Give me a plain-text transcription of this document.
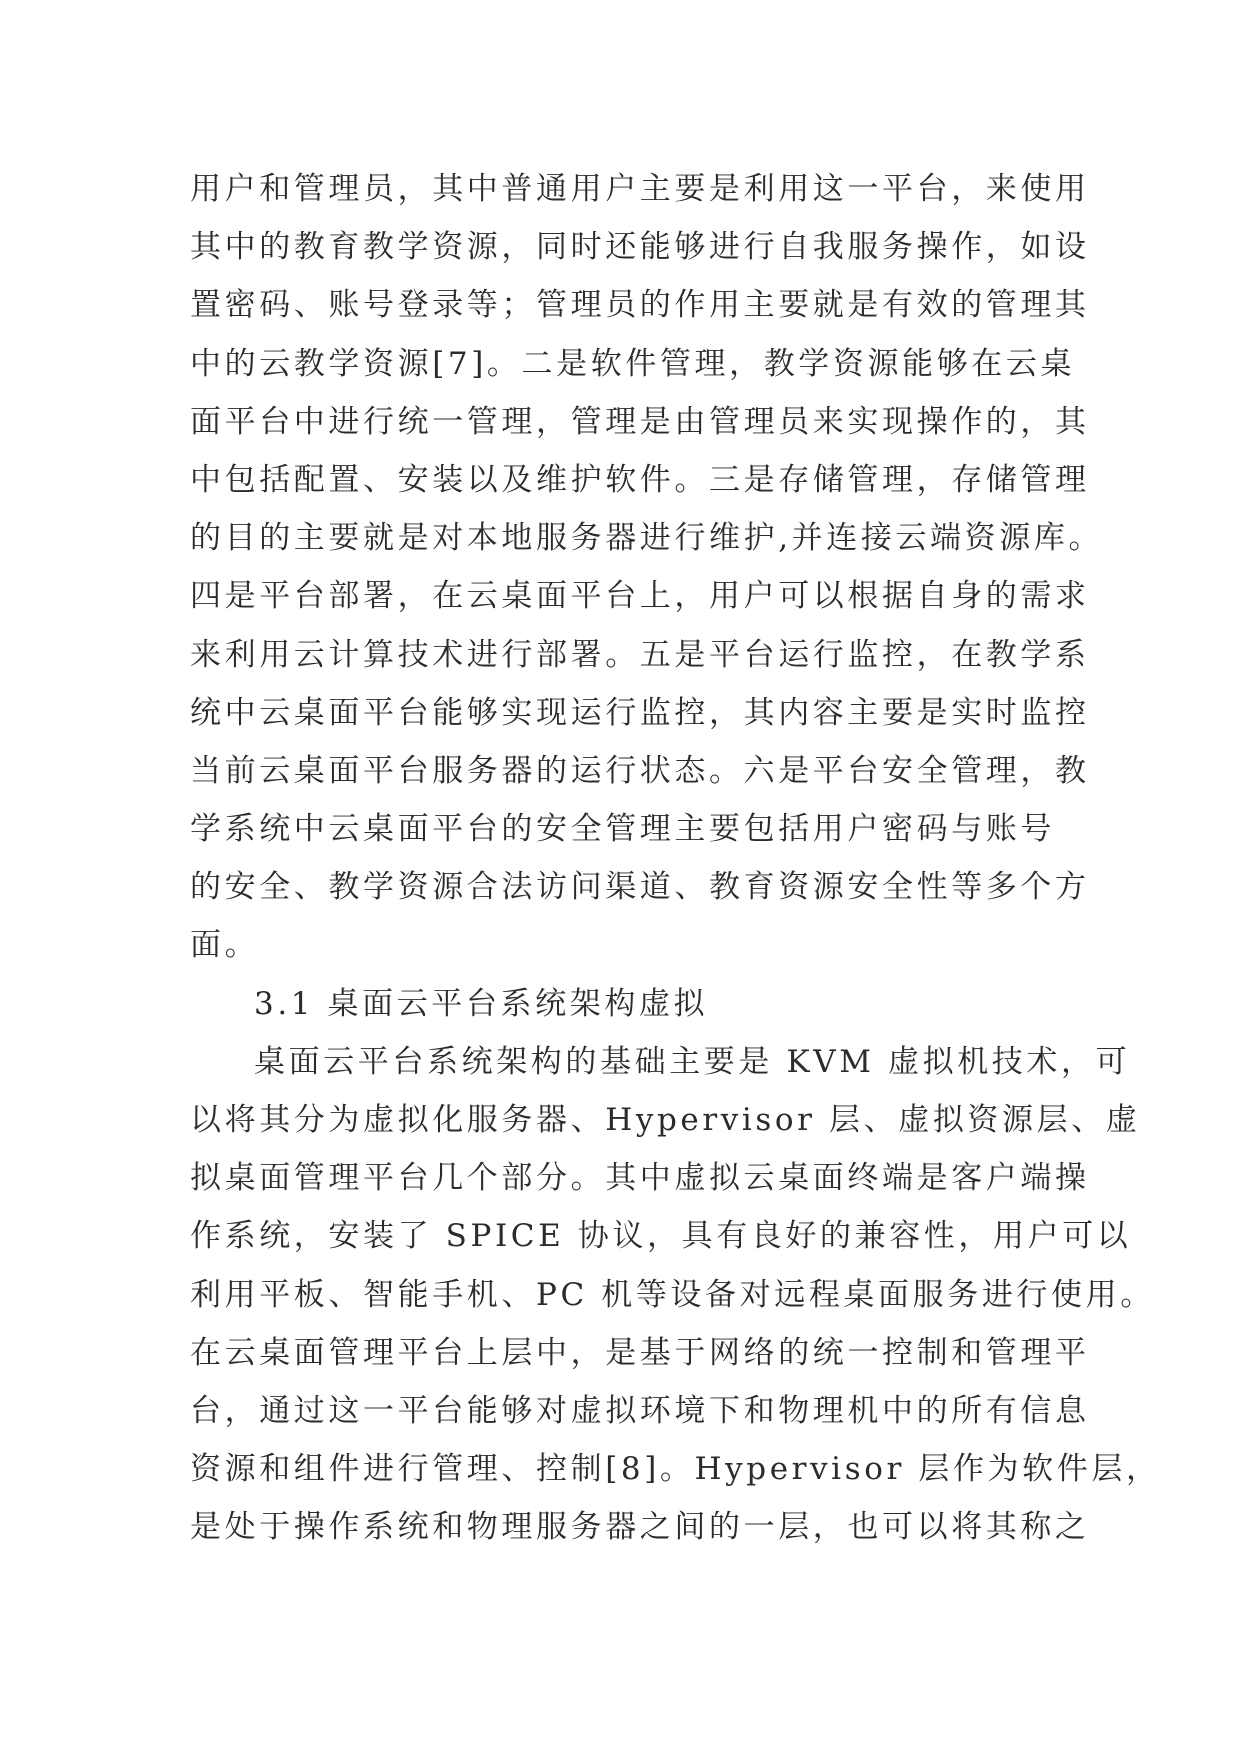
用户和管理员，其中普通用户主要是利用这一平台，来使用
其中的教育教学资源，同时还能够进行自我服务操作，如设
置密码、账号登录等；管理员的作用主要就是有效的管理其
中的云教学资源[7]。二是软件管理，教学资源能够在云桌
面平台中进行统一管理，管理是由管理员来实现操作的，其
中包括配置、安装以及维护软件。三是存储管理，存储管理
的目的主要就是对本地服务器进行维护,并连接云端资源库。
四是平台部署，在云桌面平台上，用户可以根据自身的需求
来利用云计算技术进行部署。五是平台运行监控，在教学系
统中云桌面平台能够实现运行监控，其内容主要是实时监控
当前云桌面平台服务器的运行状态。六是平台安全管理，教
学系统中云桌面平台的安全管理主要包括用户密码与账号
的安全、教学资源合法访问渠道、教育资源安全性等多个方
面。
3.1 桌面云平台系统架构虚拟
桌面云平台系统架构的基础主要是 KVM 虚拟机技术，可
以将其分为虚拟化服务器、Hypervisor 层、虚拟资源层、虚
拟桌面管理平台几个部分。其中虚拟云桌面终端是客户端操
作系统，安装了 SPICE 协议，具有良好的兼容性，用户可以
利用平板、智能手机、PC 机等设备对远程桌面服务进行使用。
在云桌面管理平台上层中，是基于网络的统一控制和管理平
台，通过这一平台能够对虚拟环境下和物理机中的所有信息
资源和组件进行管理、控制[8]。Hypervisor 层作为软件层，
是处于操作系统和物理服务器之间的一层，也可以将其称之
